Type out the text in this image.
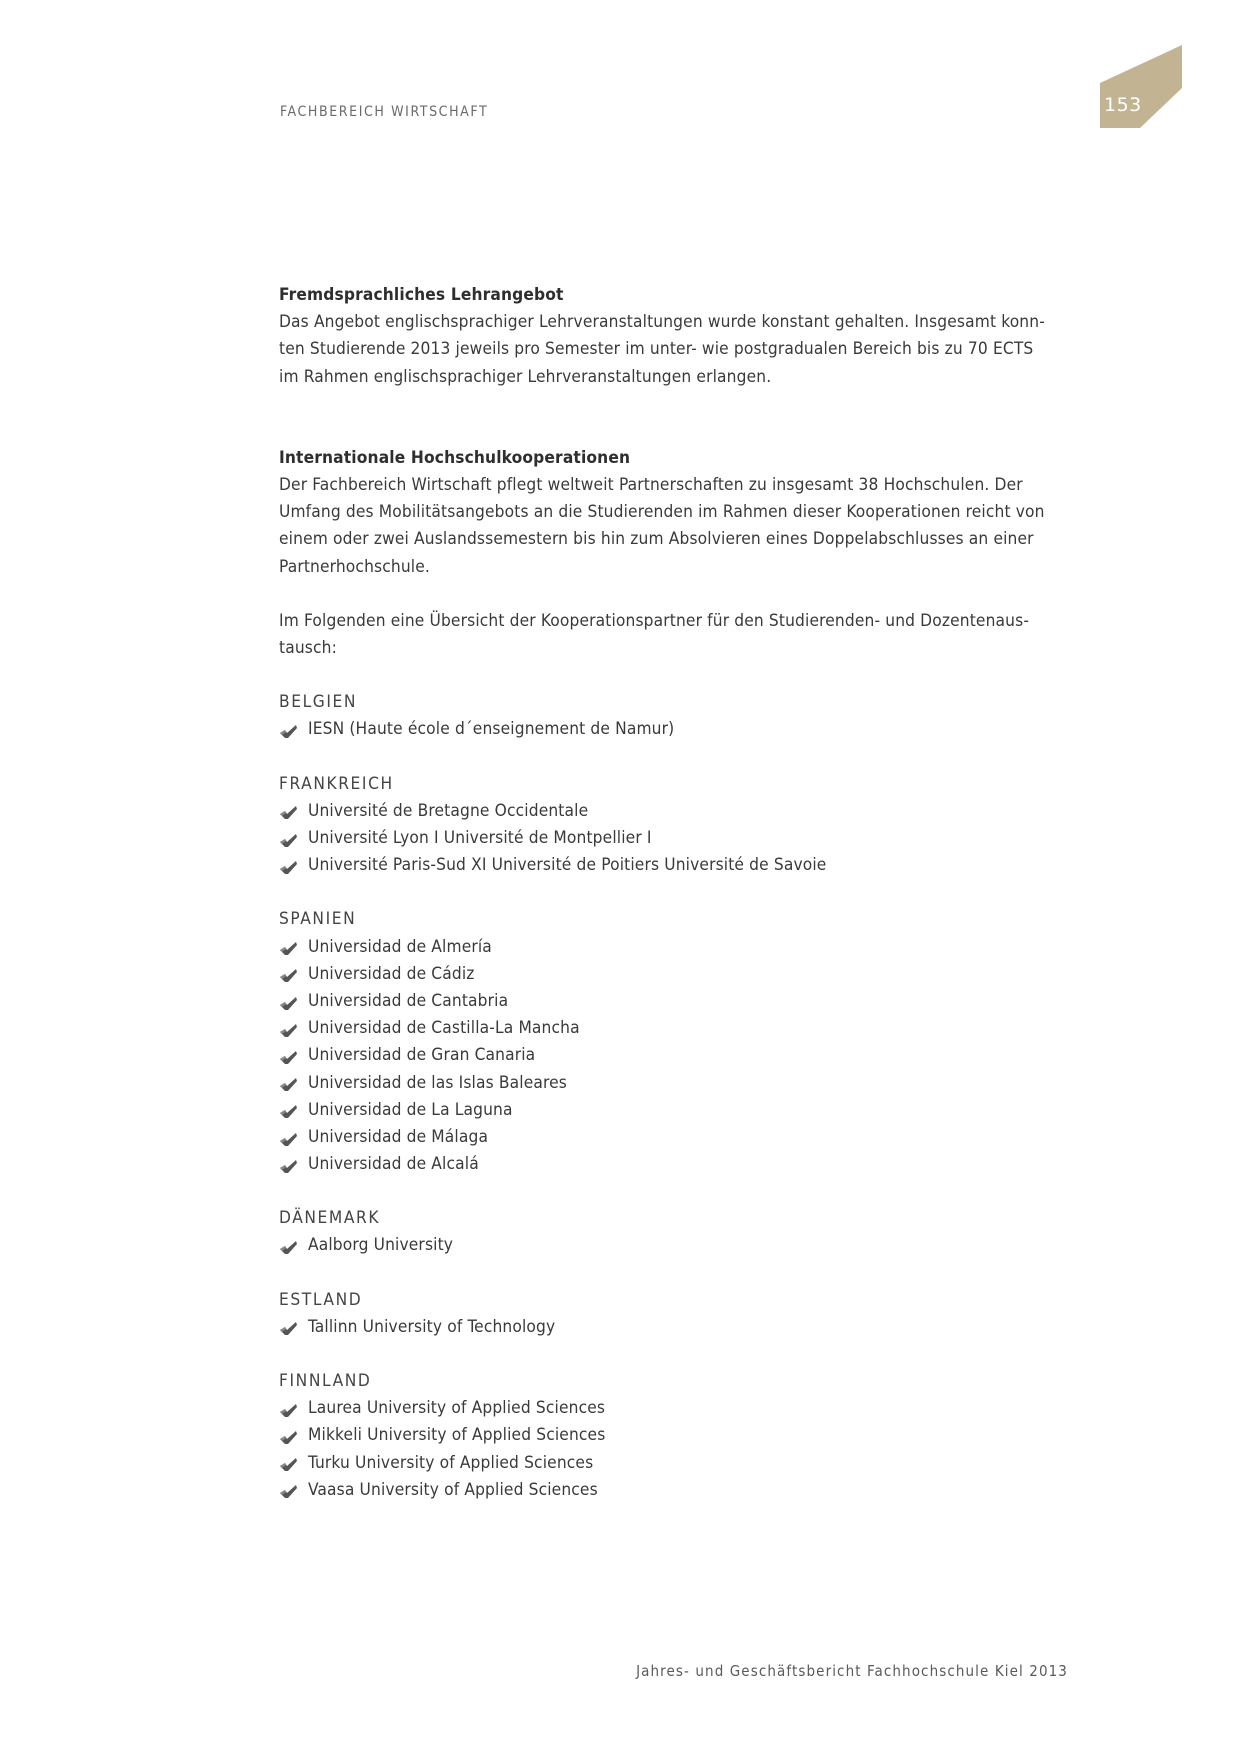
FACHBEREICH WIRTSCHAFT	153
Fremdsprachliches Lehrangebot
Das Angebot englischsprachiger Lehrveranstaltungen wurde konstant gehalten. Insgesamt konn-
ten Studierende 2013 jeweils pro Semester im unter- wie postgradualen Bereich bis zu 70 ECTS
im Rahmen englischsprachiger Lehrveranstaltungen erlangen.
Internationale Hochschulkooperationen
Der Fachbereich Wirtschaft pflegt weltweit Partnerschaften zu insgesamt 38 Hochschulen. Der
Umfang des Mobilitätsangebots an die Studierenden im Rahmen dieser Kooperationen reicht von
einem oder zwei Auslandssemestern bis hin zum Absolvieren eines Doppelabschlusses an einer
Partnerhochschule.
Im Folgenden eine Übersicht der Kooperationspartner für den Studierenden- und Dozentenaus-
tausch:
BELGIEN
IESN (Haute école d´enseignement de Namur)
FRANKREICH
Université de Bretagne Occidentale
Université Lyon I Université de Montpellier I
Université Paris-Sud XI Université de Poitiers Université de Savoie
SPANIEN
Universidad de Almería
Universidad de Cádiz
Universidad de Cantabria
Universidad de Castilla-La Mancha
Universidad de Gran Canaria
Universidad de las Islas Baleares
Universidad de La Laguna
Universidad de Málaga
Universidad de Alcalá
DÄNEMARK
Aalborg University
ESTLAND
Tallinn University of Technology
FINNLAND
Laurea University of Applied Sciences
Mikkeli University of Applied Sciences
Turku University of Applied Sciences
Vaasa University of Applied Sciences
Jahres- und Geschäftsbericht Fachhochschule Kiel 2013
